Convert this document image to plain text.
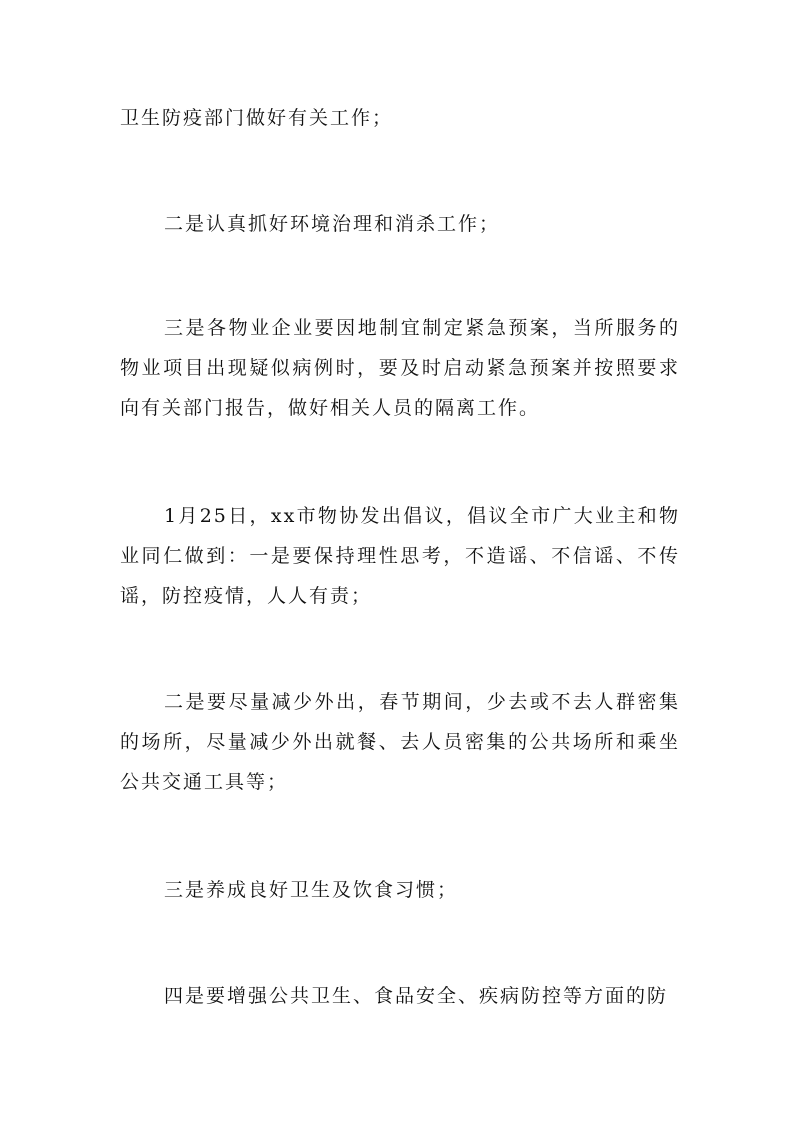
卫生防疫部门做好有关工作；

二是认真抓好环境治理和消杀工作；

三是各物业企业要因地制宜制定紧急预案，当所服务的物业项目出现疑似病例时，要及时启动紧急预案并按照要求向有关部门报告，做好相关人员的隔离工作。

1月25日，xx市物协发出倡议，倡议全市广大业主和物业同仁做到：一是要保持理性思考，不造谣、不信谣、不传谣，防控疫情，人人有责；

二是要尽量减少外出，春节期间，少去或不去人群密集的场所，尽量减少外出就餐、去人员密集的公共场所和乘坐公共交通工具等；

三是养成良好卫生及饮食习惯；

四是要增强公共卫生、食品安全、疾病防控等方面的防
